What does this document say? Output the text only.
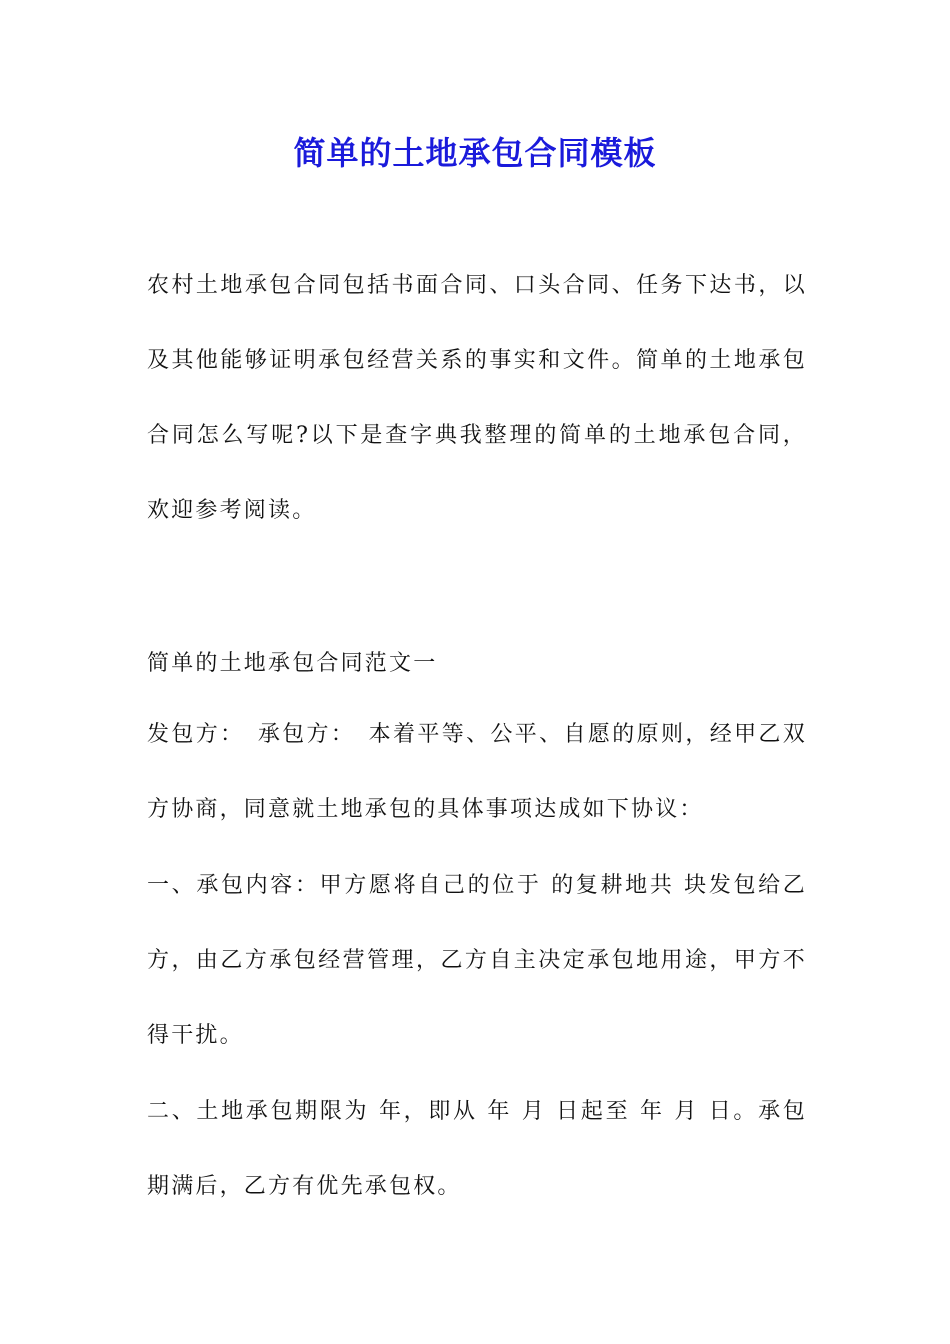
简单的土地承包合同模板

农村土地承包合同包括书面合同、口头合同、任务下达书，以及其他能够证明承包经营关系的事实和文件。简单的土地承包合同怎么写呢?以下是查字典我整理的简单的土地承包合同，欢迎参考阅读。

简单的土地承包合同范文一

发包方：　承包方：　本着平等、公平、自愿的原则，经甲乙双方协商，同意就土地承包的具体事项达成如下协议：

一、承包内容：甲方愿将自己的位于 的复耕地共 块发包给乙方，由乙方承包经营管理，乙方自主决定承包地用途，甲方不得干扰。

二、土地承包期限为 年，即从 年 月 日起至 年 月 日。承包期满后，乙方有优先承包权。
